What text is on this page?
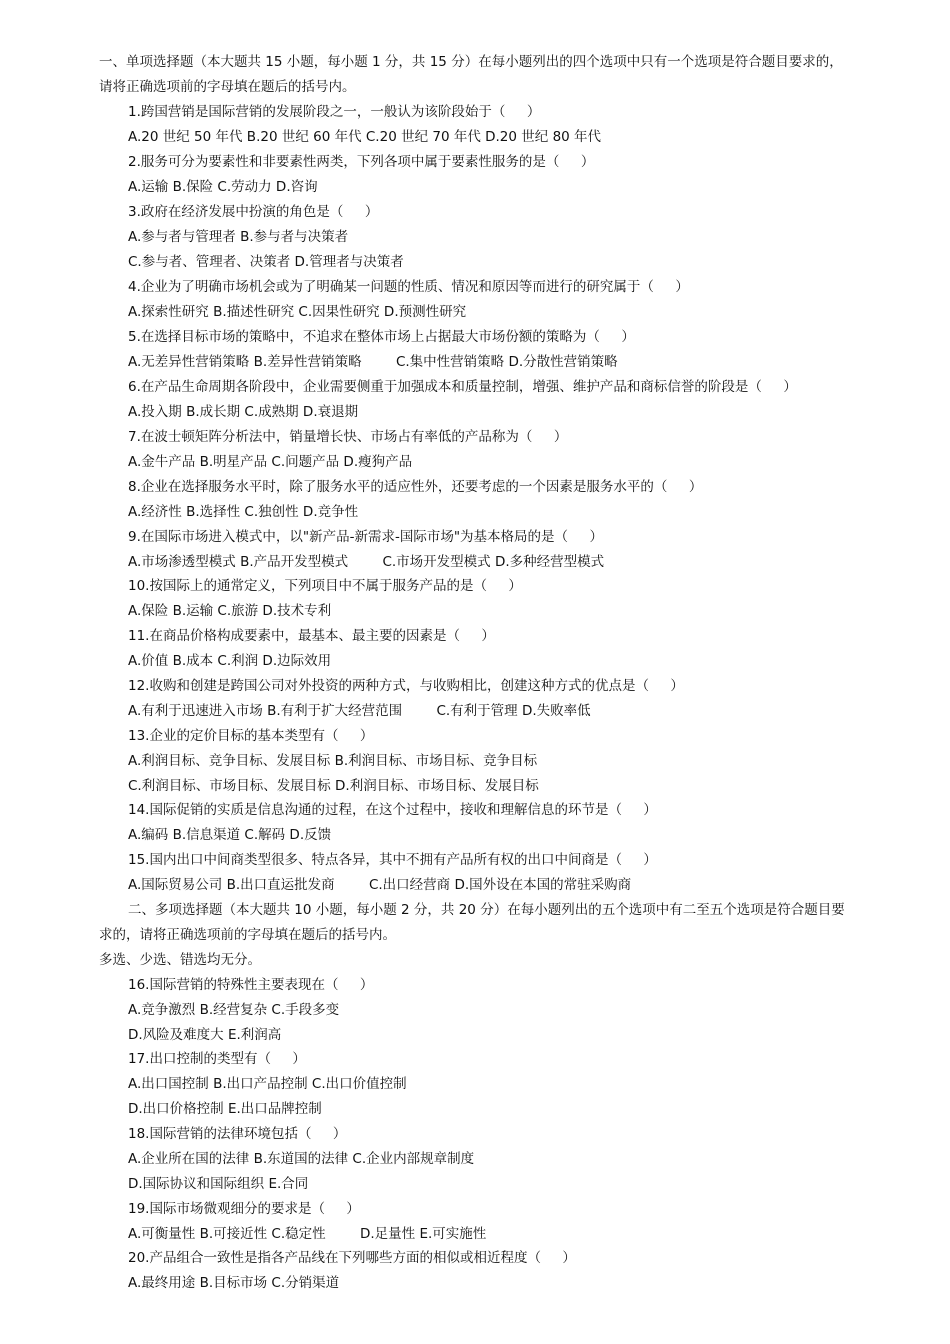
一、单项选择题（本大题共 15 小题，每小题 1 分，共 15 分）在每小题列出的四个选项中只有一个选项是符合题目要求的，
请将正确选项前的字母填在题后的括号内。
1.跨国营销是国际营销的发展阶段之一，一般认为该阶段始于（     ）
A.20 世纪 50 年代 B.20 世纪 60 年代 C.20 世纪 70 年代 D.20 世纪 80 年代
2.服务可分为要素性和非要素性两类，下列各项中属于要素性服务的是（     ）
A.运输 B.保险 C.劳动力 D.咨询
3.政府在经济发展中扮演的角色是（     ）
A.参与者与管理者 B.参与者与决策者
C.参与者、管理者、决策者 D.管理者与决策者
4.企业为了明确市场机会或为了明确某一问题的性质、情况和原因等而进行的研究属于（     ）
A.探索性研究 B.描述性研究 C.因果性研究 D.预测性研究
5.在选择目标市场的策略中，不追求在整体市场上占据最大市场份额的策略为（     ）
A.无差异性营销策略 B.差异性营销策略        C.集中性营销策略 D.分散性营销策略
6.在产品生命周期各阶段中，企业需要侧重于加强成本和质量控制，增强、维护产品和商标信誉的阶段是（     ）
A.投入期 B.成长期 C.成熟期 D.衰退期
7.在波士顿矩阵分析法中，销量增长快、市场占有率低的产品称为（     ）
A.金牛产品 B.明星产品 C.问题产品 D.瘦狗产品
8.企业在选择服务水平时，除了服务水平的适应性外，还要考虑的一个因素是服务水平的（     ）
A.经济性 B.选择性 C.独创性 D.竞争性
9.在国际市场进入模式中，以"新产品-新需求-国际市场"为基本格局的是（     ）
A.市场渗透型模式 B.产品开发型模式        C.市场开发型模式 D.多种经营型模式
10.按国际上的通常定义，下列项目中不属于服务产品的是（     ）
A.保险 B.运输 C.旅游 D.技术专利
11.在商品价格构成要素中，最基本、最主要的因素是（     ）
A.价值 B.成本 C.利润 D.边际效用
12.收购和创建是跨国公司对外投资的两种方式，与收购相比，创建这种方式的优点是（     ）
A.有利于迅速进入市场 B.有利于扩大经营范围        C.有利于管理 D.失败率低
13.企业的定价目标的基本类型有（     ）
A.利润目标、竞争目标、发展目标 B.利润目标、市场目标、竞争目标
C.利润目标、市场目标、发展目标 D.利润目标、市场目标、发展目标
14.国际促销的实质是信息沟通的过程，在这个过程中，接收和理解信息的环节是（     ）
A.编码 B.信息渠道 C.解码 D.反馈
15.国内出口中间商类型很多、特点各异，其中不拥有产品所有权的出口中间商是（     ）
A.国际贸易公司 B.出口直运批发商        C.出口经营商 D.国外设在本国的常驻采购商
二、多项选择题（本大题共 10 小题，每小题 2 分，共 20 分）在每小题列出的五个选项中有二至五个选项是符合题目要
求的，请将正确选项前的字母填在题后的括号内。
多选、少选、错选均无分。
16.国际营销的特殊性主要表现在（     ）
A.竞争激烈 B.经营复杂 C.手段多变
D.风险及难度大 E.利润高
17.出口控制的类型有（     ）
A.出口国控制 B.出口产品控制 C.出口价值控制
D.出口价格控制 E.出口品牌控制
18.国际营销的法律环境包括（     ）
A.企业所在国的法律 B.东道国的法律 C.企业内部规章制度
D.国际协议和国际组织 E.合同
19.国际市场微观细分的要求是（     ）
A.可衡量性 B.可接近性 C.稳定性        D.足量性 E.可实施性
20.产品组合一致性是指各产品线在下列哪些方面的相似或相近程度（     ）
A.最终用途 B.目标市场 C.分销渠道
